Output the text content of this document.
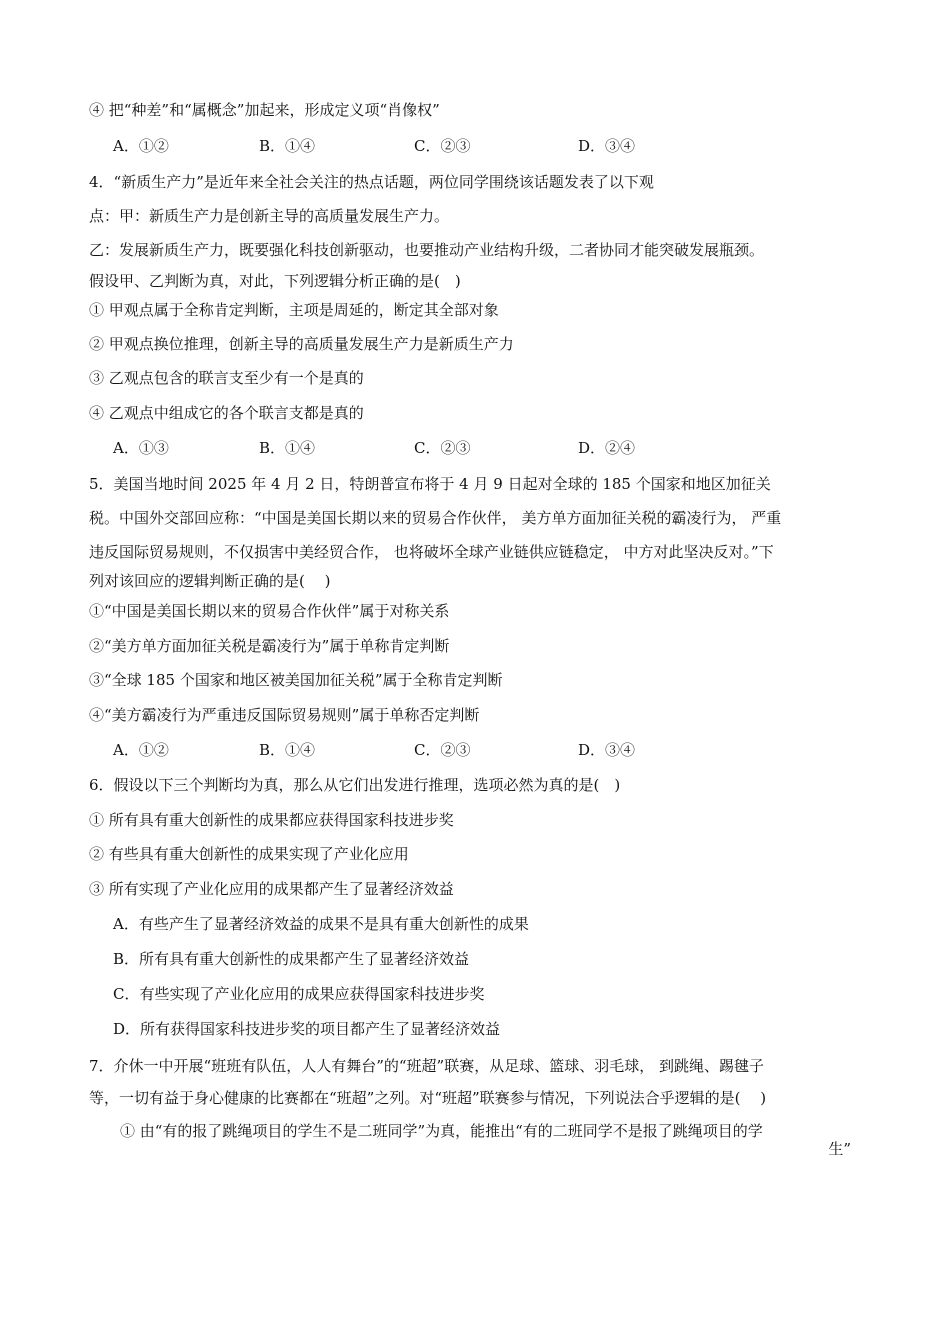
④ 把“种差”和“属概念”加起来，形成定义项“肖像权”
A．①②	B．①④	C．②③	D．③④
4．“新质生产力”是近年来全社会关注的热点话题，两位同学围绕该话题发表了以下观
点：甲：新质生产力是创新主导的高质量发展生产力。
乙：发展新质生产力，既要强化科技创新驱动，也要推动产业结构升级，二者协同才能突破发展瓶颈。
假设甲、乙判断为真，对此，下列逻辑分析正确的是(　)
① 甲观点属于全称肯定判断，主项是周延的，断定其全部对象
② 甲观点换位推理，创新主导的高质量发展生产力是新质生产力
③ 乙观点包含的联言支至少有一个是真的
④ 乙观点中组成它的各个联言支都是真的
A．①③	B．①④	C．②③	D．②④
5．美国当地时间 2025 年 4 月 2 日，特朗普宣布将于 4 月 9 日起对全球的 185 个国家和地区加征关
税。中国外交部回应称：“中国是美国长期以来的贸易合作伙伴， 美方单方面加征关税的霸凌行为， 严重
违反国际贸易规则，不仅损害中美经贸合作， 也将破坏全球产业链供应链稳定， 中方对此坚决反对。”下
列对该回应的逻辑判断正确的是(　 )
①“中国是美国长期以来的贸易合作伙伴”属于对称关系
②“美方单方面加征关税是霸凌行为”属于单称肯定判断
③“全球 185 个国家和地区被美国加征关税”属于全称肯定判断
④“美方霸凌行为严重违反国际贸易规则”属于单称否定判断
A．①②	B．①④	C．②③	D．③④
6．假设以下三个判断均为真，那么从它们出发进行推理，选项必然为真的是(　)
① 所有具有重大创新性的成果都应获得国家科技进步奖
② 有些具有重大创新性的成果实现了产业化应用
③ 所有实现了产业化应用的成果都产生了显著经济效益
A．有些产生了显著经济效益的成果不是具有重大创新性的成果
B．所有具有重大创新性的成果都产生了显著经济效益
C．有些实现了产业化应用的成果应获得国家科技进步奖
D．所有获得国家科技进步奖的项目都产生了显著经济效益
7．介休一中开展“班班有队伍，人人有舞台”的“班超”联赛，从足球、篮球、羽毛球， 到跳绳、踢毽子
等，一切有益于身心健康的比赛都在“班超”之列。对“班超”联赛参与情况，下列说法合乎逻辑的是(　 )
① 由“有的报了跳绳项目的学生不是二班同学”为真，能推出“有的二班同学不是报了跳绳项目的学
生”
